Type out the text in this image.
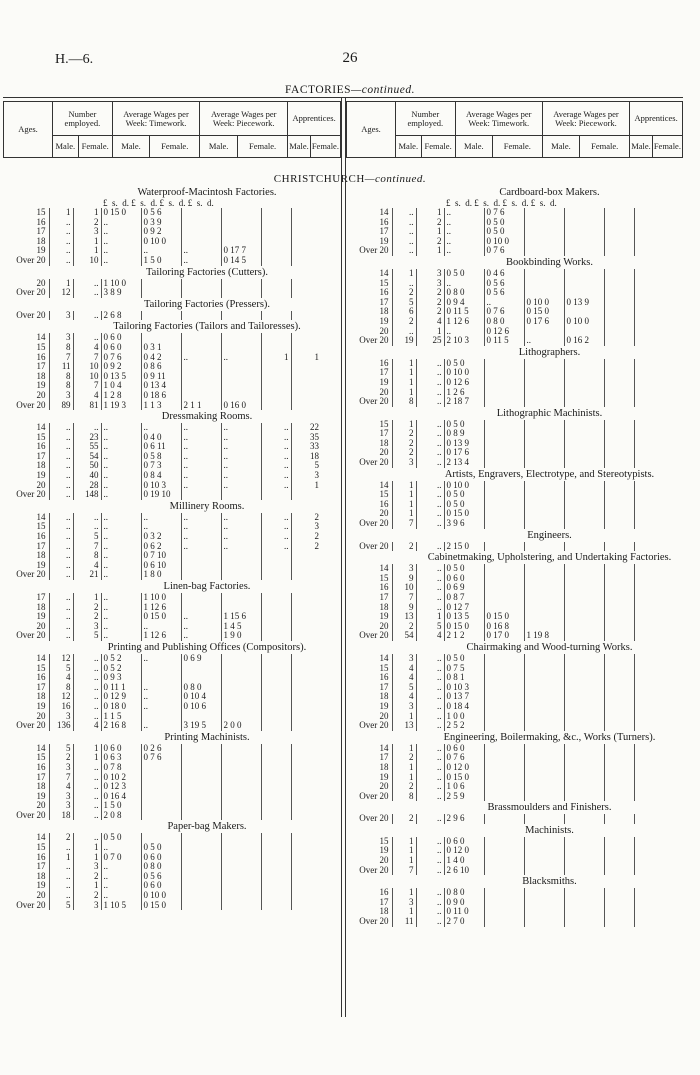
H.—6.	26
FACTORIES—continued.
Ages.	Number employed.		Average Wages per Week: Timework.		Average Wages per Week: Piecework.		Apprentices.	
	Male.	Female.	Male.	Female.	Male.	Female.	Male.	Female.
Ages.	Number employed.		Average Wages per Week: Timework.		Average Wages per Week: Piecework.		Apprentices.	
	Male.	Female.	Male.	Female.	Male.	Female.	Male.	Female.
CHRISTCHURCH—continued.
Waterproof-Macintosh Factories.
£  s.  d. £  s.  d. £  s.  d. £  s.  d.
15	1	1	0 15 0	0 5 6				
16	..	2	..	0 3 9				
17	..	3	..	0 9 2				
18	..	1	..	0 10 0				
19	..	1	..	..	..	0 17 7		
Over 20	..	10	..	1 5 0	..	0 14 5		
Tailoring Factories (Cutters).
20	1	..	1 10 0					
Over 20	12	..	3 8 9					
Tailoring Factories (Pressers).
Over 20	3	..	2 6 8					
Tailoring Factories (Tailors and Tailoresses).
14	3	..	0 6 0					
15	8	4	0 6 0	0 3 1				
16	7	7	0 7 6	0 4 2	..	..	1	1
17	11	10	0 9 2	0 8 6				
18	8	10	0 13 5	0 9 11				
19	8	7	1 0 4	0 13 4				
20	3	4	1 2 8	0 18 6				
Over 20	89	81	1 19 3	1 1 3	2 1 1	0 16 0		
Dressmaking Rooms.
14	..	..	..	..	..	..	..	22
15	..	23	..	0 4 0	..	..	..	35
16	..	55	..	0 6 11	..	..	..	33
17	..	54	..	0 5 8	..	..	..	18
18	..	50	..	0 7 3	..	..	..	5
19	..	40	..	0 8 4	..	..	..	3
20	..	28	..	0 10 3	..	..	..	1
Over 20	..	148	..	0 19 10				
Millinery Rooms.
14	..	..	..	..	..	..	..	2
15	..	..	..	..	..	..	..	3
16	..	5	..	0 3 2	..	..	..	2
17	..	7	..	0 6 2	..	..	..	2
18	..	8	..	0 7 10				
19	..	4	..	0 6 10				
Over 20	..	21	..	1 8 0				
Linen-bag Factories.
17	..	1	..	1 10 0				
18	..	2	..	1 12 6				
19	..	2	..	0 15 0	..	1 15 6		
20	..	3	..	..	..	1 4 5		
Over 20	..	5	..	1 12 6	..	1 9 0		
Printing and Publishing Offices (Compositors).
14	12	..	0 5 2	..	0 6 9			
15	5	..	0 5 2					
16	4	..	0 9 3					
17	8	..	0 11 1	..	0 8 0			
18	12	..	0 12 9	..	0 10 4			
19	16	..	0 18 0	..	0 10 6			
20	3	..	1 1 5					
Over 20	136	4	2 16 8	..	3 19 5	2 0 0		
Printing Machinists.
14	5	1	0 6 0	0 2 6				
15	2	1	0 6 3	0 7 6				
16	3	..	0 7 8					
17	7	..	0 10 2					
18	4	..	0 12 3					
19	3	..	0 16 4					
20	3	..	1 5 0					
Over 20	18	..	2 0 8					
Paper-bag Makers.
14	2	..	0 5 0					
15	..	1	..	0 5 0				
16	1	1	0 7 0	0 6 0				
17	..	3	..	0 8 0				
18	..	2	..	0 5 6				
19	..	1	..	0 6 0				
20	..	2	..	0 10 0				
Over 20	5	3	1 10 5	0 15 0				
Cardboard-box Makers.
£  s.  d. £  s.  d. £  s.  d. £  s.  d.
14	..	1	..	0 7 6				
16	..	2	..	0 5 0				
17	..	1	..	0 5 0				
19	..	2	..	0 10 0				
Over 20	..	1	..	0 7 6				
Bookbinding Works.
14	1	3	0 5 0	0 4 6				
15	..	3	..	0 5 6				
16	2	2	0 8 0	0 5 6				
17	5	2	0 9 4	..	0 10 0	0 13 9		
18	6	2	0 11 5	0 7 6	0 15 0			
19	2	4	1 12 6	0 8 0	0 17 6	0 10 0		
20	..	1	..	0 12 6				
Over 20	19	25	2 10 3	0 11 5	..	0 16 2		
Lithographers.
16	1	..	0 5 0					
17	1	..	0 10 0					
19	1	..	0 12 6					
20	1	..	1 2 6					
Over 20	8	..	2 18 7					
Lithographic Machinists.
15	1	..	0 5 0					
17	2	..	0 8 9					
18	2	..	0 13 9					
20	2	..	0 17 6					
Over 20	3	..	2 13 4					
Artists, Engravers, Electrotype, and Stereotypists.
14	1	..	0 10 0					
15	1	..	0 5 0					
16	1	..	0 5 0					
20	1	..	0 15 0					
Over 20	7	..	3 9 6					
Engineers.
Over 20	2	..	2 15 0					
Cabinetmaking, Upholstering, and Undertaking Factories.
14	3	..	0 5 0					
15	9	..	0 6 0					
16	10	..	0 6 9					
17	7	..	0 8 7					
18	9	..	0 12 7					
19	13	1	0 13 5	0 15 0				
20	2	5	0 15 0	0 16 8				
Over 20	54	4	2 1 2	0 17 0	1 19 8			
Chairmaking and Wood-turning Works.
14	3	..	0 5 0					
15	4	..	0 7 5					
16	4	..	0 8 1					
17	5	..	0 10 3					
18	4	..	0 13 7					
19	3	..	0 18 4					
20	1	..	1 0 0					
Over 20	13	..	2 5 2					
Engineering, Boilermaking, &c., Works (Turners).
14	1	..	0 6 0					
17	2	..	0 7 6					
18	1	..	0 12 0					
19	1	..	0 15 0					
20	2	..	1 0 6					
Over 20	8	..	2 5 9					
Brassmoulders and Finishers.
Over 20	2	..	2 9 6					
Machinists.
15	1	..	0 6 0					
19	1	..	0 12 0					
20	1	..	1 4 0					
Over 20	7	..	2 6 10					
Blacksmiths.
16	1	..	0 8 0					
17	3	..	0 9 0					
18	1	..	0 11 0					
Over 20	11	..	2 7 0					
